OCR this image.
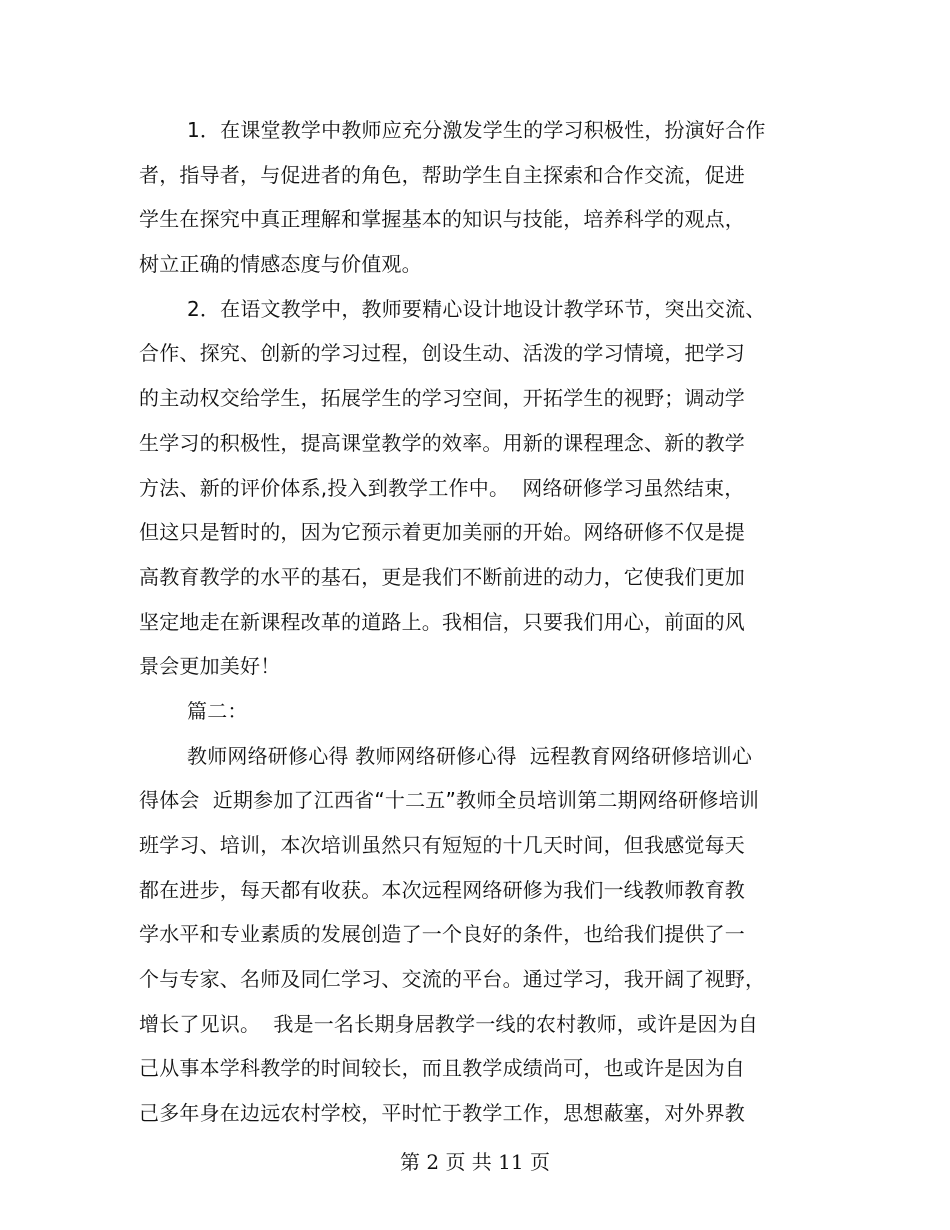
1．在课堂教学中教师应充分激发学生的学习积极性，扮演好合作
者，指导者，与促进者的角色，帮助学生自主探索和合作交流，促进
学生在探究中真正理解和掌握基本的知识与技能，培养科学的观点，
树立正确的情感态度与价值观。
2．在语文教学中，教师要精心设计地设计教学环节，突出交流、
合作、探究、创新的学习过程，创设生动、活泼的学习情境，把学习
的主动权交给学生，拓展学生的学习空间，开拓学生的视野；调动学
生学习的积极性，提高课堂教学的效率。用新的课程理念、新的教学
方法、新的评价体系,投入到教学工作中。  网络研修学习虽然结束，
但这只是暂时的，因为它预示着更加美丽的开始。网络研修不仅是提
高教育教学的水平的基石，更是我们不断前进的动力，它使我们更加
坚定地走在新课程改革的道路上。我相信，只要我们用心，前面的风
景会更加美好！
篇二：
教师网络研修心得 教师网络研修心得  远程教育网络研修培训心
得体会  近期参加了江西省“十二五”教师全员培训第二期网络研修培训
班学习、培训，本次培训虽然只有短短的十几天时间，但我感觉每天
都在进步，每天都有收获。本次远程网络研修为我们一线教师教育教
学水平和专业素质的发展创造了一个良好的条件，也给我们提供了一
个与专家、名师及同仁学习、交流的平台。通过学习，我开阔了视野，
增长了见识。  我是一名长期身居教学一线的农村教师，或许是因为自
己从事本学科教学的时间较长，而且教学成绩尚可，也或许是因为自
己多年身在边远农村学校，平时忙于教学工作，思想蔽塞，对外界教
第 2 页 共 11 页
